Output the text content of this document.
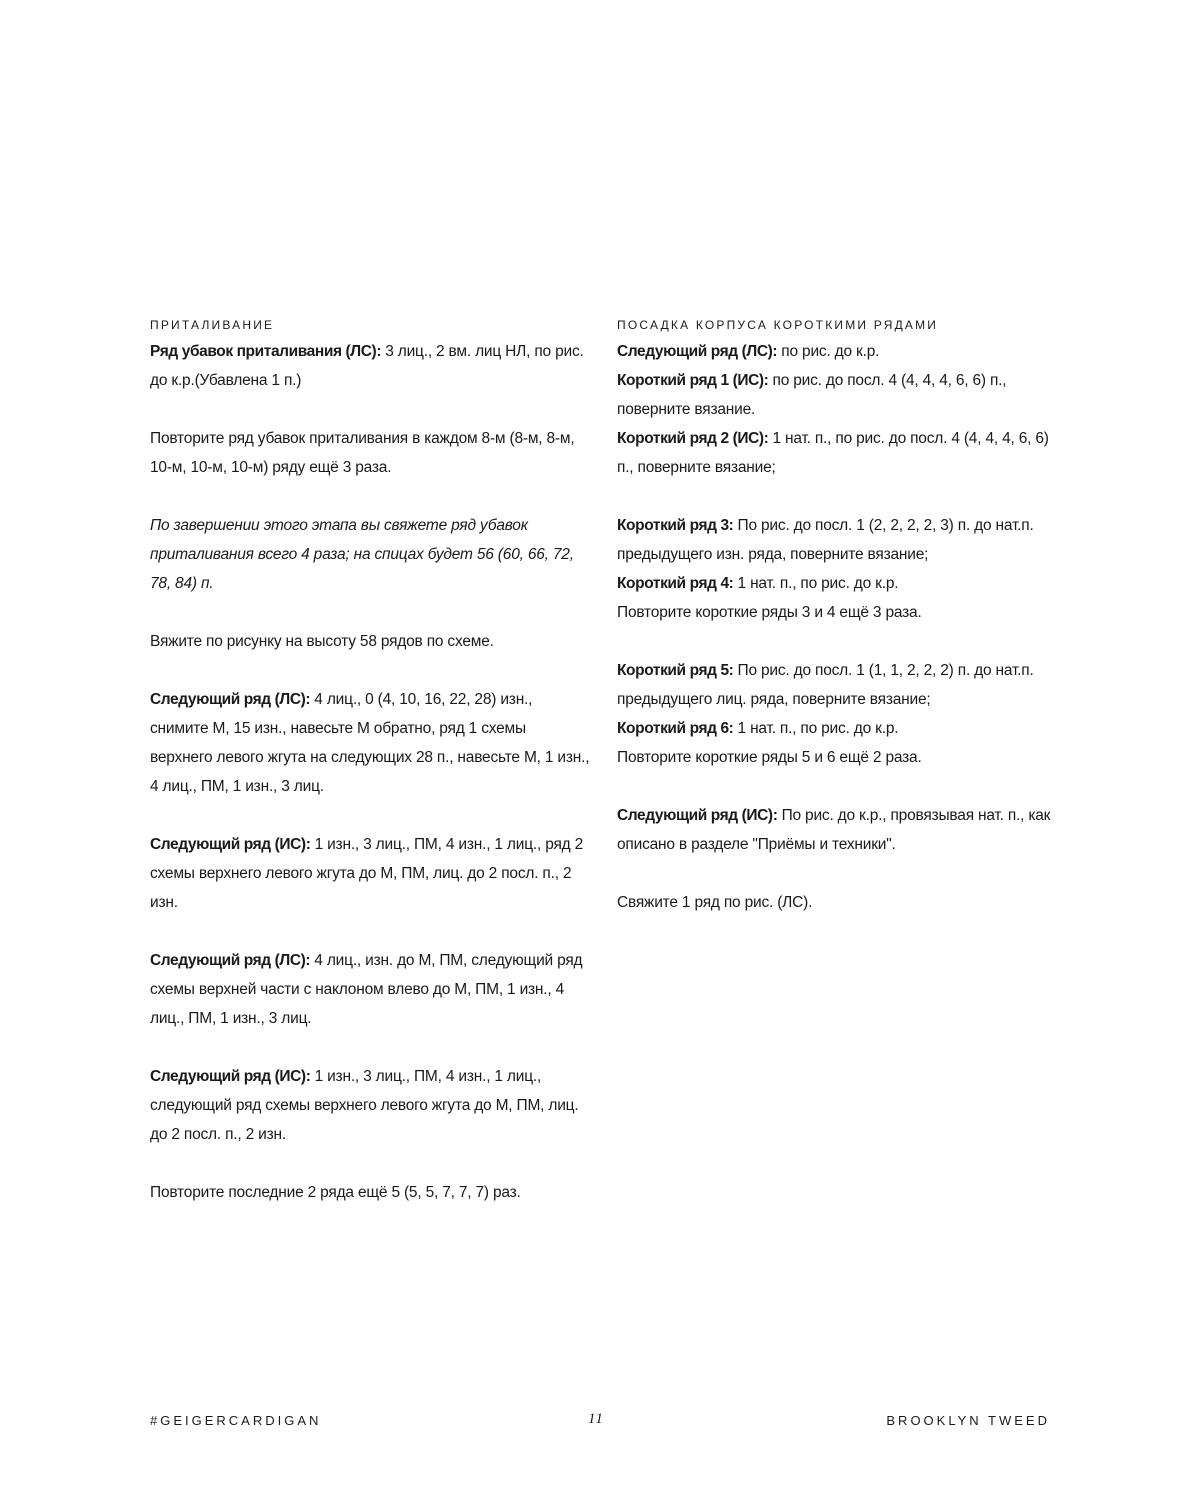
ПРИТАЛИВАНИЕ

Ряд убавок приталивания (ЛС): 3 лиц., 2 вм. лиц НЛ, по рис. до к.р.(Убавлена 1 п.)

Повторите ряд убавок приталивания в каждом 8-м (8-м, 8-м, 10-м, 10-м, 10-м) ряду ещё 3 раза.

По завершении этого этапа вы свяжете ряд убавок приталивания всего 4 раза; на спицах будет 56 (60, 66, 72, 78, 84) п.

Вяжите по рисунку на высоту 58 рядов по схеме.

Следующий ряд (ЛС): 4 лиц., 0 (4, 10, 16, 22, 28) изн., снимите М, 15 изн., навесьте М обратно, ряд 1 схемы верхнего левого жгута на следующих 28 п., навесьте М, 1 изн., 4 лиц., ПМ, 1 изн., 3 лиц.

Следующий ряд (ИС): 1 изн., 3 лиц., ПМ, 4 изн., 1 лиц., ряд 2 схемы верхнего левого жгута до М, ПМ, лиц. до 2 посл. п., 2 изн.

Следующий ряд (ЛС): 4 лиц., изн. до М, ПМ, следующий ряд схемы верхней части с наклоном влево до М, ПМ, 1 изн., 4 лиц., ПМ, 1 изн., 3 лиц.

Следующий ряд (ИС): 1 изн., 3 лиц., ПМ, 4 изн., 1 лиц., следующий ряд схемы верхнего левого жгута до М, ПМ, лиц. до 2 посл. п., 2 изн.

Повторите последние 2 ряда ещё 5 (5, 5, 7, 7, 7) раз.

ПОСАДКА КОРПУСА КОРОТКИМИ РЯДАМИ

Следующий ряд (ЛС): по рис. до к.р.

Короткий ряд 1 (ИС): по рис. до посл. 4 (4, 4, 4, 6, 6) п., поверните вязание.

Короткий ряд 2 (ИС): 1 нат. п., по рис. до посл. 4 (4, 4, 4, 6, 6) п., поверните вязание;

Короткий ряд 3: По рис. до посл. 1 (2, 2, 2, 2, 3) п. до нат.п. предыдущего изн. ряда, поверните вязание;

Короткий ряд 4: 1 нат. п., по рис. до к.р.

Повторите короткие ряды 3 и 4 ещё 3 раза.

Короткий ряд 5: По рис. до посл. 1 (1, 1, 2, 2, 2) п. до нат.п. предыдущего лиц. ряда, поверните вязание;

Короткий ряд 6: 1 нат. п., по рис. до к.р.

Повторите короткие ряды 5 и 6 ещё 2 раза.

Следующий ряд (ИС): По рис. до к.р., провязывая нат. п., как описано в разделе "Приёмы и техники".

Свяжите 1 ряд по рис. (ЛС).

#GEIGERCARDIGAN	11	BROOKLYN TWEED
